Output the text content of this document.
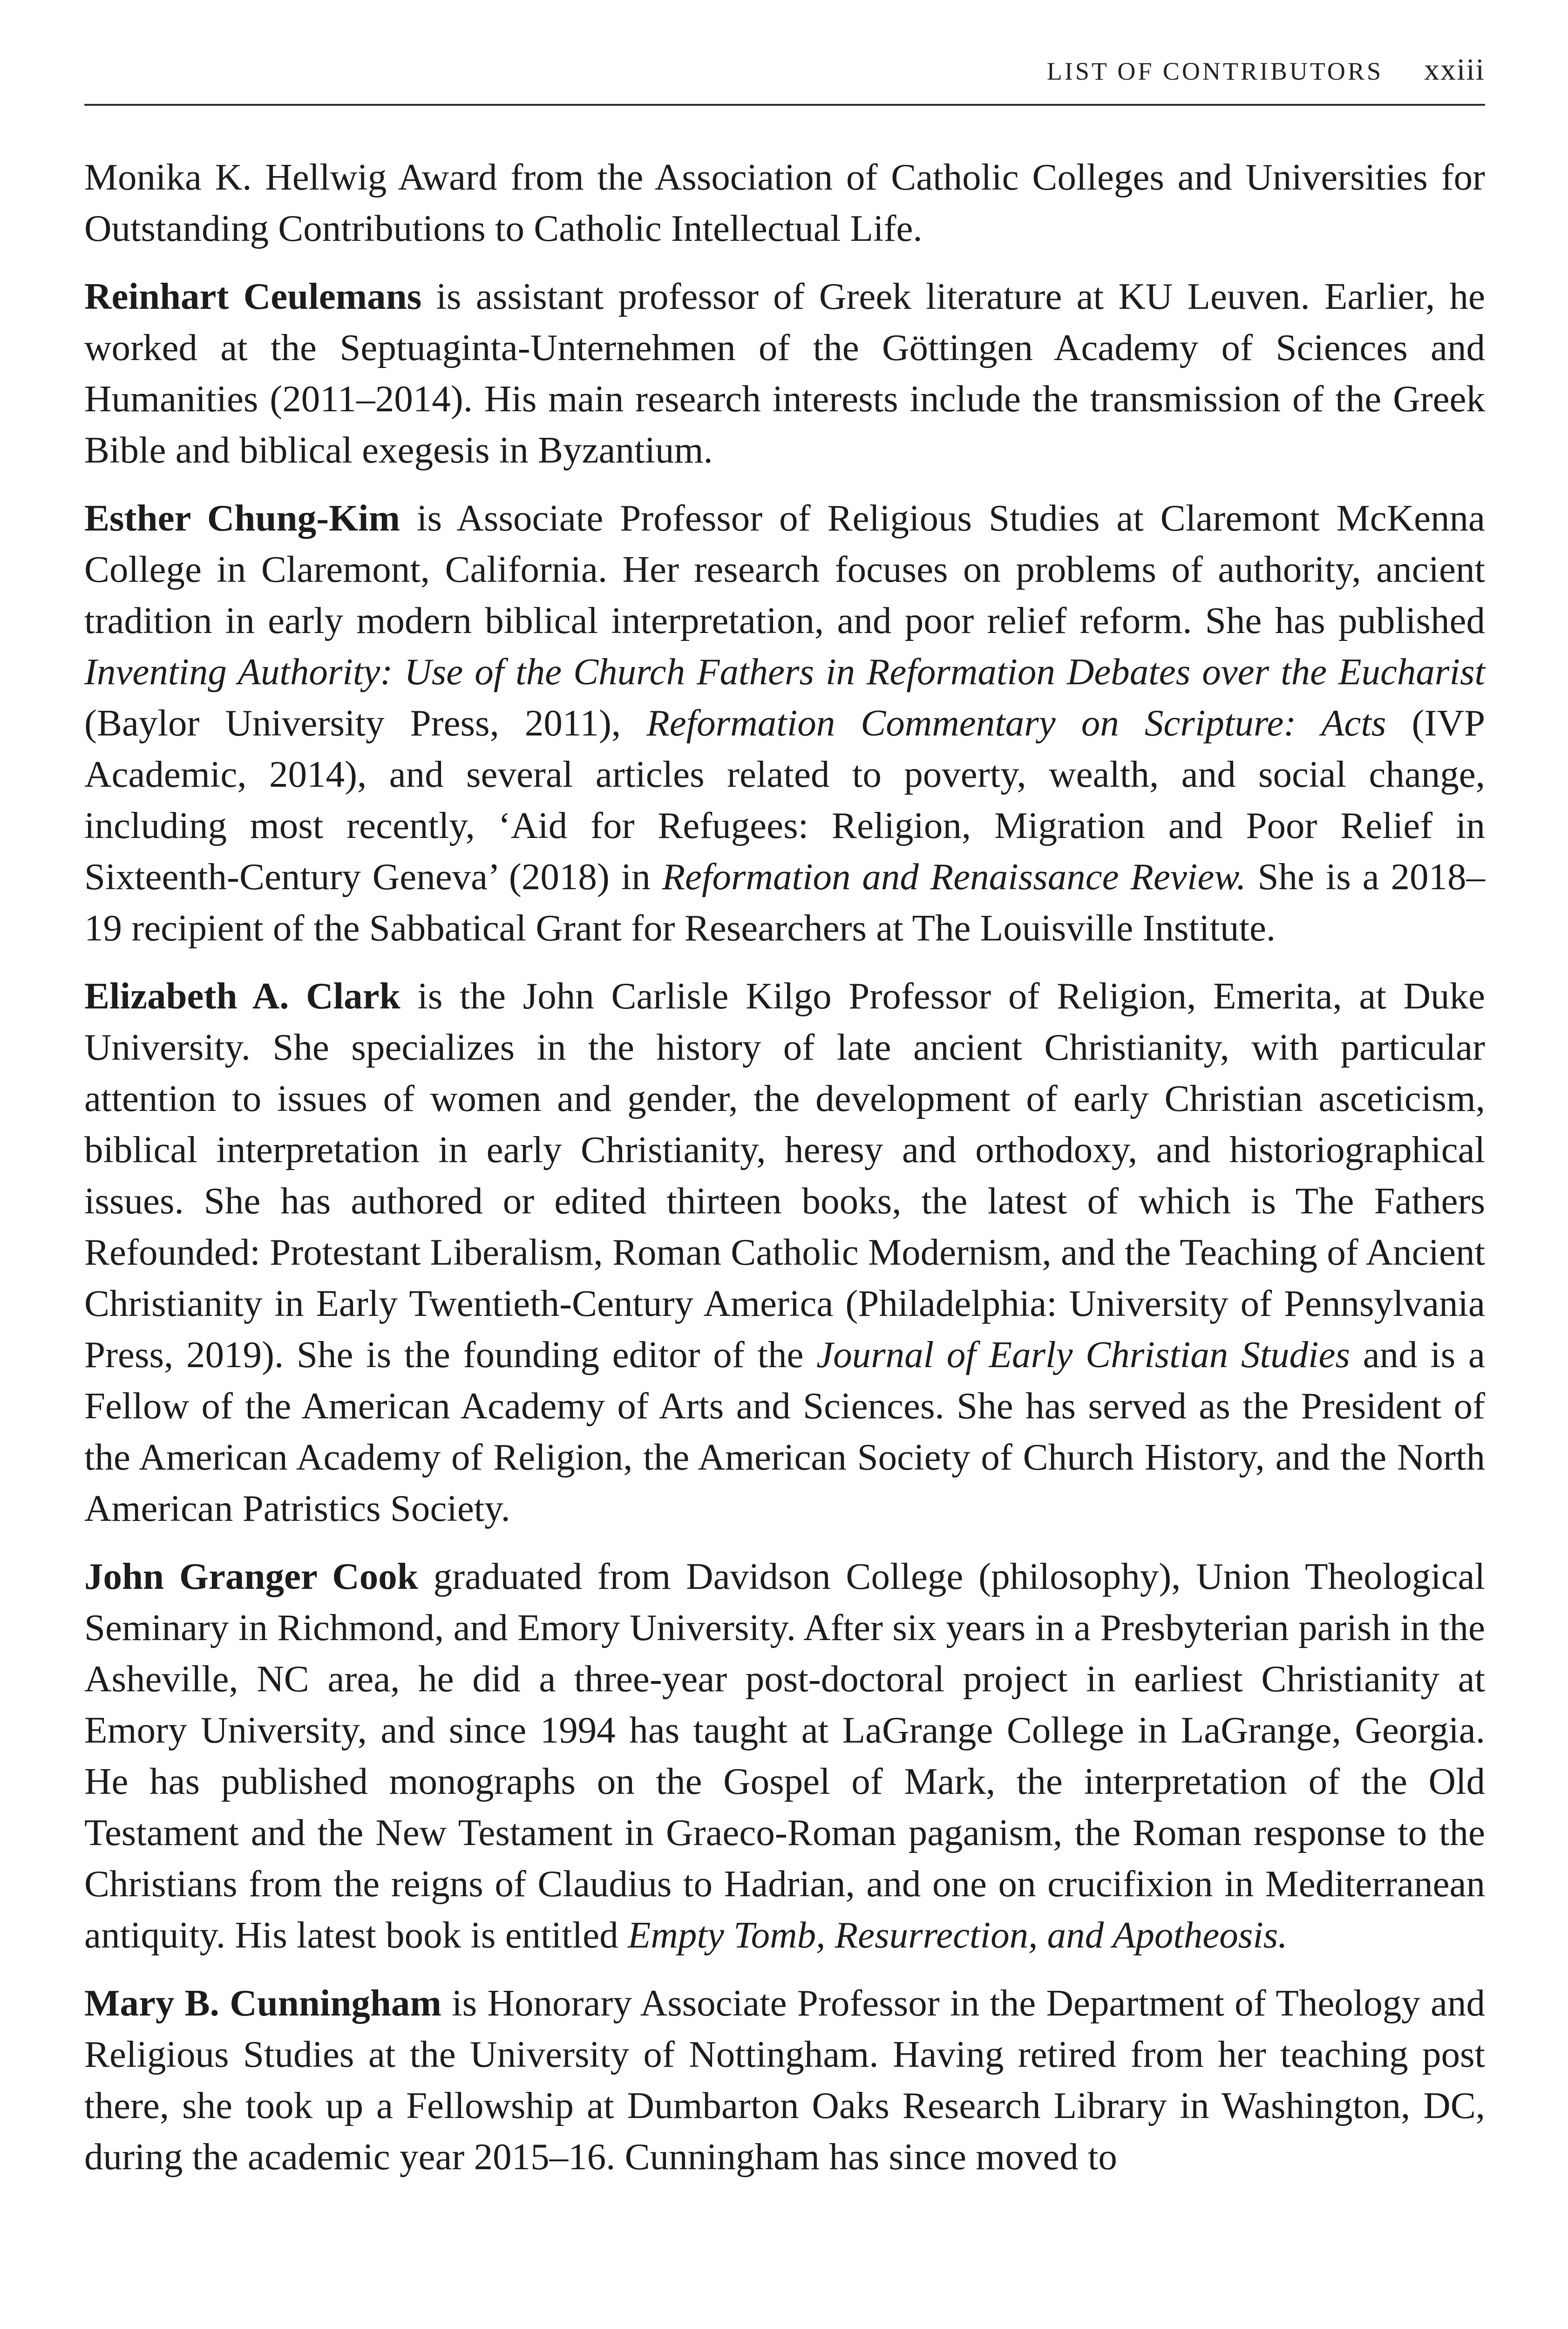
LIST OF CONTRIBUTORS xxiii

Monika K. Hellwig Award from the Association of Catholic Colleges and Universities for Outstanding Contributions to Catholic Intellectual Life.

Reinhart Ceulemans is assistant professor of Greek literature at KU Leuven. Earlier, he worked at the Septuaginta-Unternehmen of the Göttingen Academy of Sciences and Humanities (2011–2014). His main research interests include the transmission of the Greek Bible and biblical exegesis in Byzantium.

Esther Chung-Kim is Associate Professor of Religious Studies at Claremont McKenna College in Claremont, California. Her research focuses on problems of authority, ancient tradition in early modern biblical interpretation, and poor relief reform. She has published Inventing Authority: Use of the Church Fathers in Reformation Debates over the Eucharist (Baylor University Press, 2011), Reformation Commentary on Scripture: Acts (IVP Academic, 2014), and several articles related to poverty, wealth, and social change, including most recently, ‘Aid for Refugees: Religion, Migration and Poor Relief in Sixteenth-Century Geneva’ (2018) in Reformation and Renaissance Review. She is a 2018–19 recipient of the Sabbatical Grant for Researchers at The Louisville Institute.

Elizabeth A. Clark is the John Carlisle Kilgo Professor of Religion, Emerita, at Duke University. She specializes in the history of late ancient Christianity, with particular attention to issues of women and gender, the development of early Christian asceticism, biblical interpretation in early Christianity, heresy and orthodoxy, and historiographical issues. She has authored or edited thirteen books, the latest of which is The Fathers Refounded: Protestant Liberalism, Roman Catholic Modernism, and the Teaching of Ancient Christianity in Early Twentieth-Century America (Philadelphia: University of Pennsylvania Press, 2019). She is the founding editor of the Journal of Early Christian Studies and is a Fellow of the American Academy of Arts and Sciences. She has served as the President of the American Academy of Religion, the American Society of Church History, and the North American Patristics Society.

John Granger Cook graduated from Davidson College (philosophy), Union Theological Seminary in Richmond, and Emory University. After six years in a Presbyterian parish in the Asheville, NC area, he did a three-year post-doctoral project in earliest Christianity at Emory University, and since 1994 has taught at LaGrange College in LaGrange, Georgia. He has published monographs on the Gospel of Mark, the interpretation of the Old Testament and the New Testament in Graeco-Roman paganism, the Roman response to the Christians from the reigns of Claudius to Hadrian, and one on crucifixion in Mediterranean antiquity. His latest book is entitled Empty Tomb, Resurrection, and Apotheosis.

Mary B. Cunningham is Honorary Associate Professor in the Department of Theology and Religious Studies at the University of Nottingham. Having retired from her teaching post there, she took up a Fellowship at Dumbarton Oaks Research Library in Washington, DC, during the academic year 2015–16. Cunningham has since moved to
